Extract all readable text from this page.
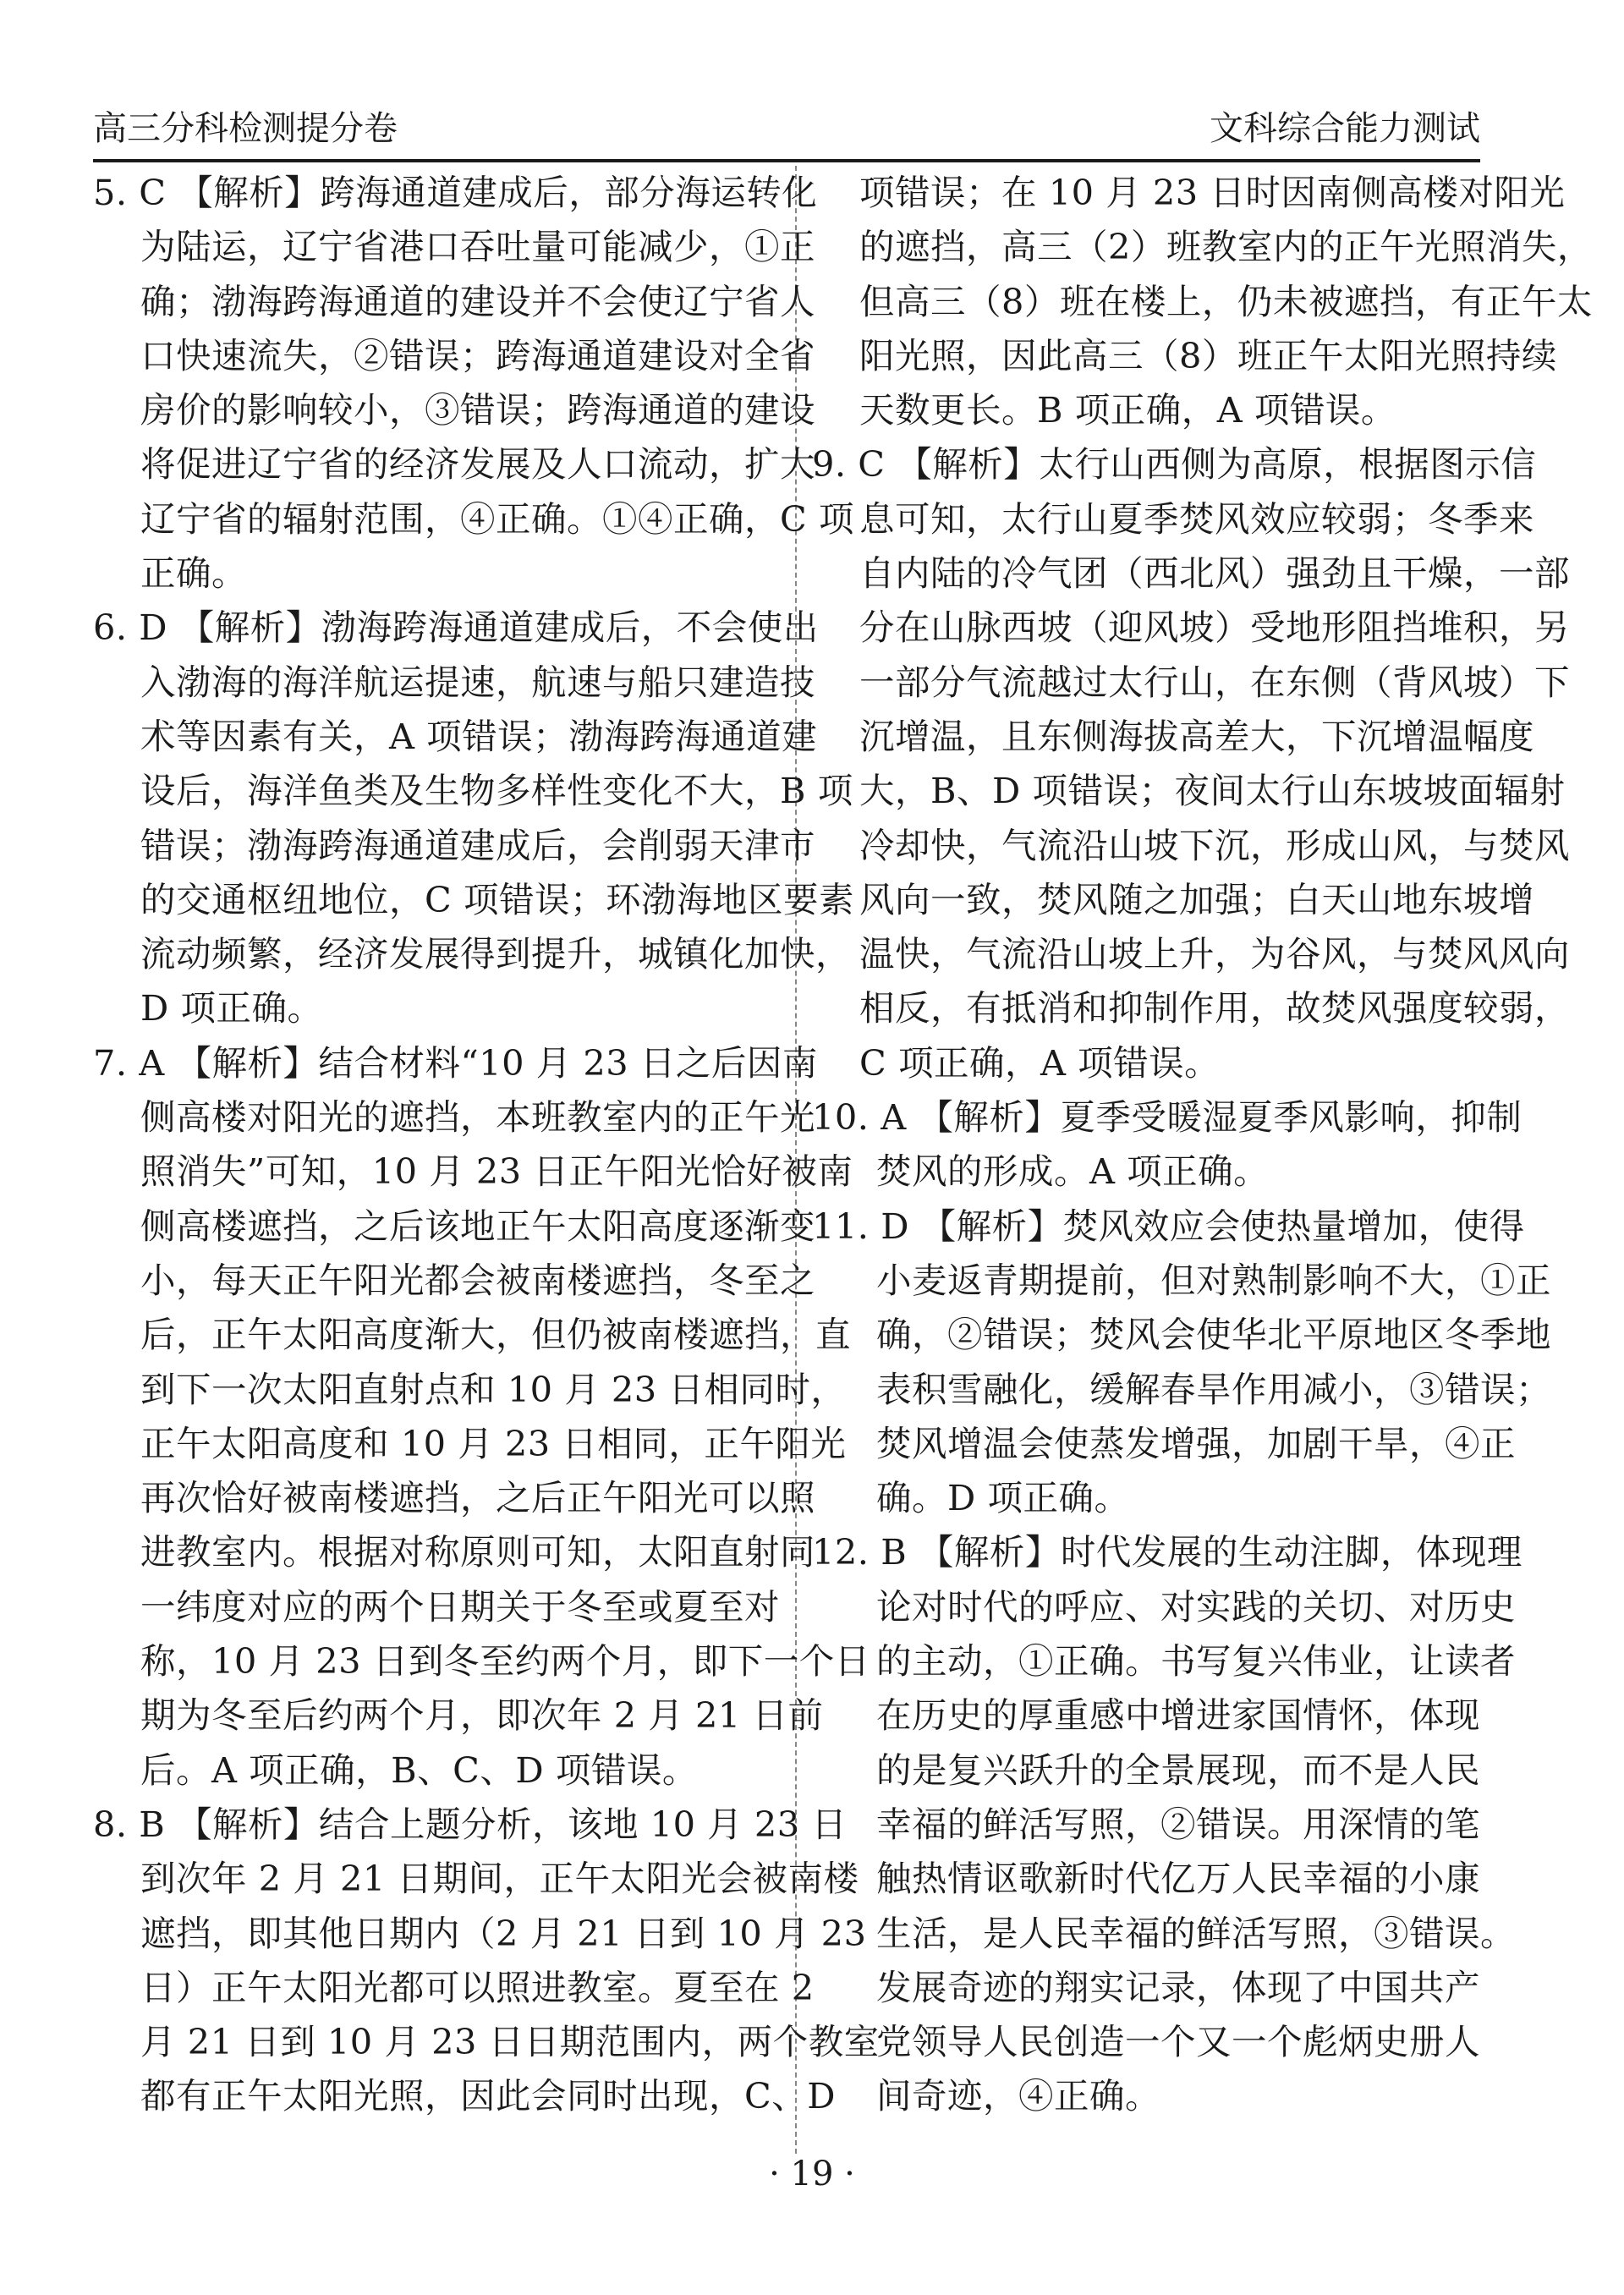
高三分科检测提分卷	文科综合能力测试
5. C 【解析】跨海通道建成后，部分海运转化
为陆运，辽宁省港口吞吐量可能减少，①正
确；渤海跨海通道的建设并不会使辽宁省人
口快速流失，②错误；跨海通道建设对全省
房价的影响较小，③错误；跨海通道的建设
将促进辽宁省的经济发展及人口流动，扩大
辽宁省的辐射范围，④正确。①④正确，C 项
正确。
6. D 【解析】渤海跨海通道建成后，不会使出
入渤海的海洋航运提速，航速与船只建造技
术等因素有关，A 项错误；渤海跨海通道建
设后，海洋鱼类及生物多样性变化不大，B 项
错误；渤海跨海通道建成后，会削弱天津市
的交通枢纽地位，C 项错误；环渤海地区要素
流动频繁，经济发展得到提升，城镇化加快，
D 项正确。
7. A 【解析】结合材料“10 月 23 日之后因南
侧高楼对阳光的遮挡，本班教室内的正午光
照消失”可知，10 月 23 日正午阳光恰好被南
侧高楼遮挡，之后该地正午太阳高度逐渐变
小，每天正午阳光都会被南楼遮挡，冬至之
后，正午太阳高度渐大，但仍被南楼遮挡，直
到下一次太阳直射点和 10 月 23 日相同时，
正午太阳高度和 10 月 23 日相同，正午阳光
再次恰好被南楼遮挡，之后正午阳光可以照
进教室内。根据对称原则可知，太阳直射同
一纬度对应的两个日期关于冬至或夏至对
称，10 月 23 日到冬至约两个月，即下一个日
期为冬至后约两个月，即次年 2 月 21 日前
后。A 项正确，B、C、D 项错误。
8. B 【解析】结合上题分析，该地 10 月 23 日
到次年 2 月 21 日期间，正午太阳光会被南楼
遮挡，即其他日期内（2 月 21 日到 10 月 23
日）正午太阳光都可以照进教室。夏至在 2
月 21 日到 10 月 23 日日期范围内，两个教室
都有正午太阳光照，因此会同时出现，C、D
项错误；在 10 月 23 日时因南侧高楼对阳光
的遮挡，高三（2）班教室内的正午光照消失，
但高三（8）班在楼上，仍未被遮挡，有正午太
阳光照，因此高三（8）班正午太阳光照持续
天数更长。B 项正确，A 项错误。
9. C 【解析】太行山西侧为高原，根据图示信
息可知，太行山夏季焚风效应较弱；冬季来
自内陆的冷气团（西北风）强劲且干燥，一部
分在山脉西坡（迎风坡）受地形阻挡堆积，另
一部分气流越过太行山，在东侧（背风坡）下
沉增温，且东侧海拔高差大，下沉增温幅度
大，B、D 项错误；夜间太行山东坡坡面辐射
冷却快，气流沿山坡下沉，形成山风，与焚风
风向一致，焚风随之加强；白天山地东坡增
温快，气流沿山坡上升，为谷风，与焚风风向
相反，有抵消和抑制作用，故焚风强度较弱，
C 项正确，A 项错误。
10. A 【解析】夏季受暖湿夏季风影响，抑制
焚风的形成。A 项正确。
11. D 【解析】焚风效应会使热量增加，使得
小麦返青期提前，但对熟制影响不大，①正
确，②错误；焚风会使华北平原地区冬季地
表积雪融化，缓解春旱作用减小，③错误；
焚风增温会使蒸发增强，加剧干旱，④正
确。D 项正确。
12. B 【解析】时代发展的生动注脚，体现理
论对时代的呼应、对实践的关切、对历史
的主动，①正确。书写复兴伟业，让读者
在历史的厚重感中增进家国情怀，体现
的是复兴跃升的全景展现，而不是人民
幸福的鲜活写照，②错误。用深情的笔
触热情讴歌新时代亿万人民幸福的小康
生活，是人民幸福的鲜活写照，③错误。
发展奇迹的翔实记录，体现了中国共产
党领导人民创造一个又一个彪炳史册人
间奇迹，④正确。
· 19 ·
